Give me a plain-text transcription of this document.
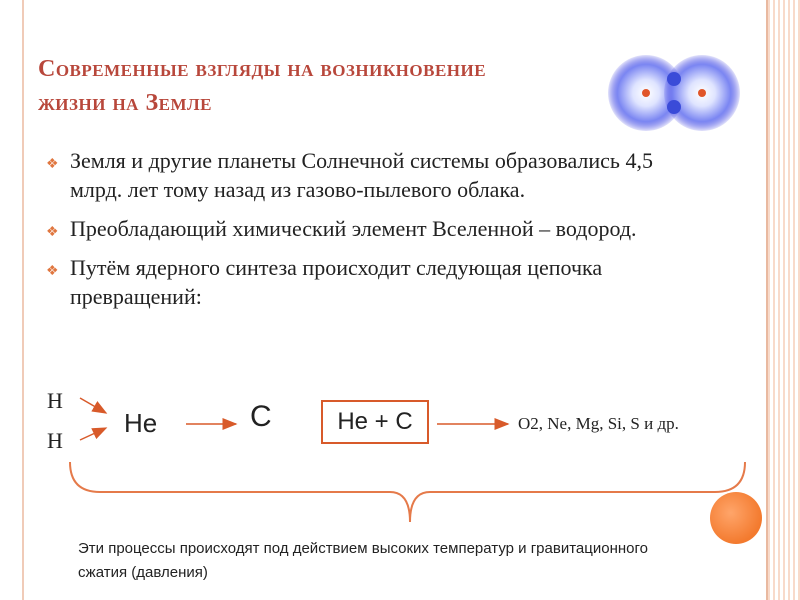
Современные взгляды на возникновение
жизни на Земле
❖ Земля и другие планеты Солнечной системы образовались 4,5 млрд. лет тому назад из газово-пылевого облака.
❖ Преобладающий химический элемент Вселенной – водород.
❖ Путём ядерного синтеза происходит следующая цепочка превращений:
H
H
He	C	He + C	O2, Ne, Mg, Si, S и др.
Эти процессы происходят под действием высоких температур и гравитационного сжатия (давления)
